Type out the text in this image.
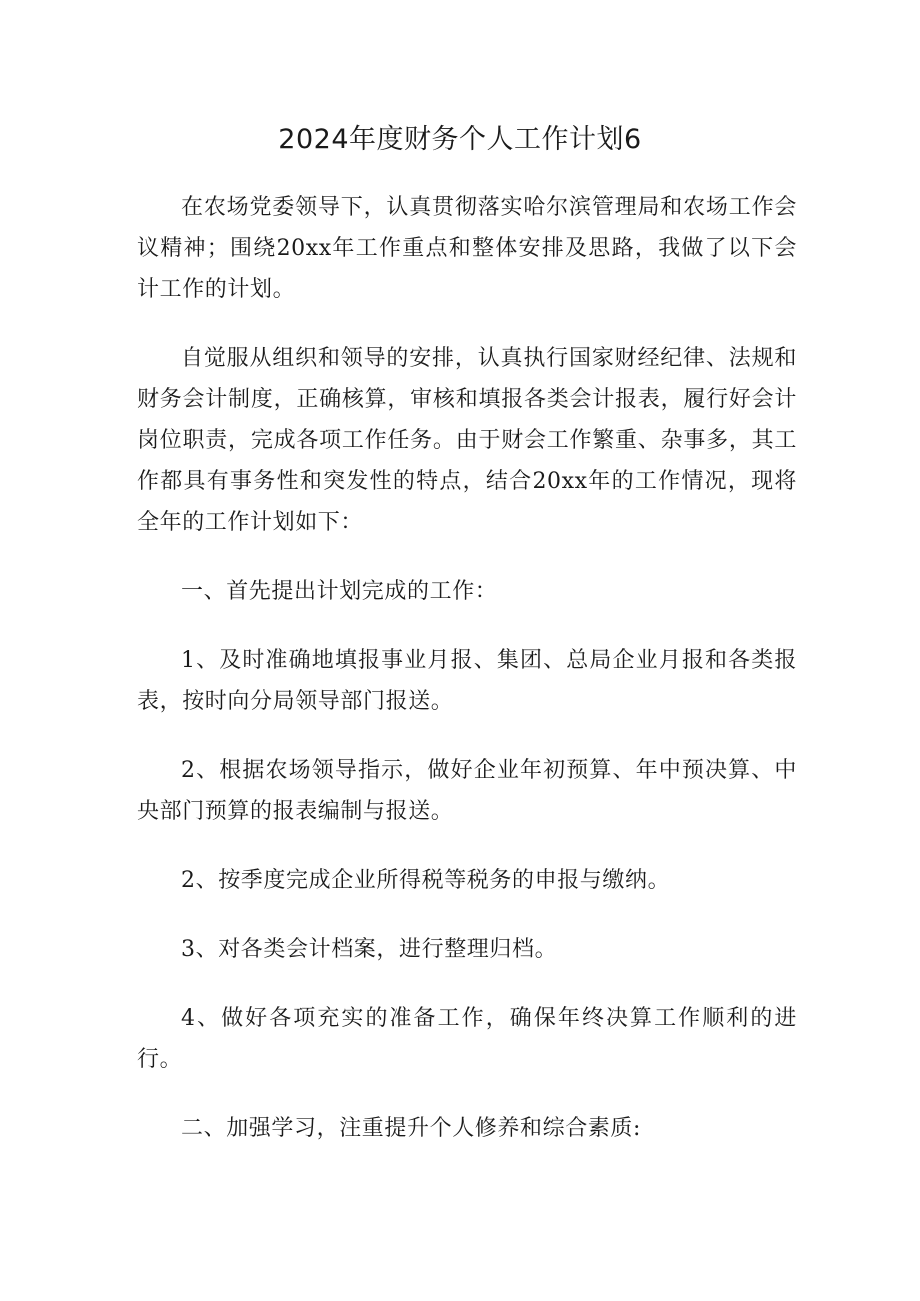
2024年度财务个人工作计划6

在农场党委领导下，认真贯彻落实哈尔滨管理局和农场工作会议精神；围绕20xx年工作重点和整体安排及思路，我做了以下会计工作的计划。

自觉服从组织和领导的安排，认真执行国家财经纪律、法规和财务会计制度，正确核算，审核和填报各类会计报表，履行好会计岗位职责，完成各项工作任务。由于财会工作繁重、杂事多，其工作都具有事务性和突发性的特点，结合20xx年的工作情况，现将全年的工作计划如下：

一、首先提出计划完成的工作：

1、及时准确地填报事业月报、集团、总局企业月报和各类报表，按时向分局领导部门报送。

2、根据农场领导指示，做好企业年初预算、年中预决算、中央部门预算的报表编制与报送。

2、按季度完成企业所得税等税务的申报与缴纳。

3、对各类会计档案，进行整理归档。

4、做好各项充实的准备工作，确保年终决算工作顺利的进行。

二、加强学习，注重提升个人修养和综合素质:
